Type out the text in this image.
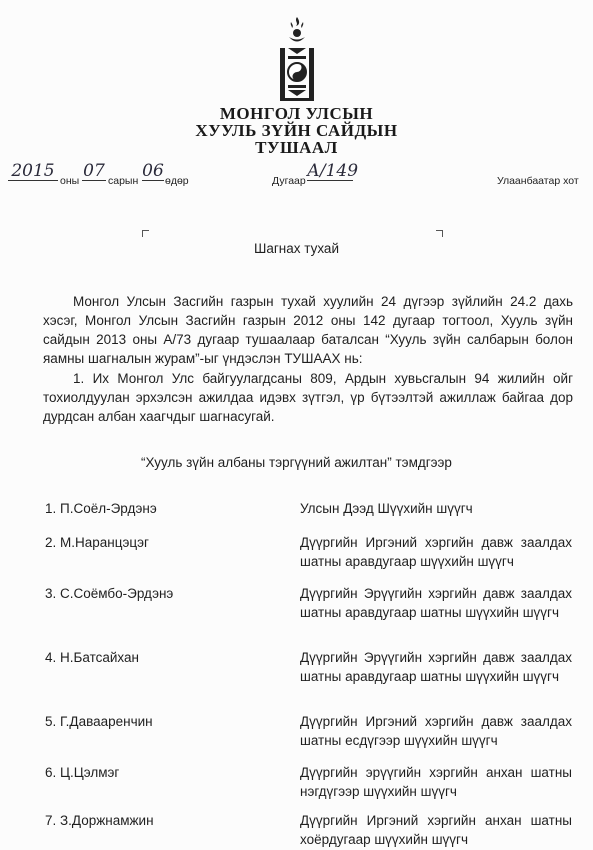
МОНГОЛ УЛСЫН
ХУУЛЬ ЗҮЙН САЙДЫН
ТУШААЛ
2015 оны 07 сарын 06 өдөр	Дугаар А/149	Улаанбаатар хот
Шагнах тухай

Монгол Улсын Засгийн газрын тухай хуулийн 24 дүгээр зүйлийн 24.2 дахь хэсэг, Монгол Улсын Засгийн газрын 2012 оны 142 дугаар тогтоол, Хууль зүйн сайдын 2013 оны А/73 дугаар тушаалаар баталсан “Хууль зүйн салбарын болон яамны шагналын журам”-ыг үндэслэн ТУШААХ нь:

1. Их Монгол Улс байгуулагдсаны 809, Ардын хувьсгалын 94 жилийн ойг тохиолдуулан эрхэлсэн ажилдаа идэвх зүтгэл, үр бүтээлтэй ажиллаж байгаа дор дурдсан албан хаагчдыг шагнасугай.

“Хууль зүйн албаны тэргүүний ажилтан” тэмдгээр
1. П.Соёл-Эрдэнэ	Улсын Дээд Шүүхийн шүүгч
2. М.Наранцэцэг	Дүүргийн Иргэний хэргийн давж заалдах шатны аравдугаар шүүхийн шүүгч
3. С.Соёмбо-Эрдэнэ	Дүүргийн Эрүүгийн хэргийн давж заалдах шатны аравдугаар шатны шүүхийн шүүгч
4. Н.Батсайхан	Дүүргийн Эрүүгийн хэргийн давж заалдах шатны аравдугаар шатны шүүхийн шүүгч
5. Г.Давааренчин	Дүүргийн Иргэний хэргийн давж заалдах шатны есдүгээр шүүхийн шүүгч
6. Ц.Цэлмэг	Дүүргийн эрүүгийн хэргийн анхан шатны нэгдүгээр шүүхийн шүүгч
7. З.Доржнамжин	Дүүргийн Иргэний хэргийн анхан шатны хоёрдугаар шүүхийн шүүгч
